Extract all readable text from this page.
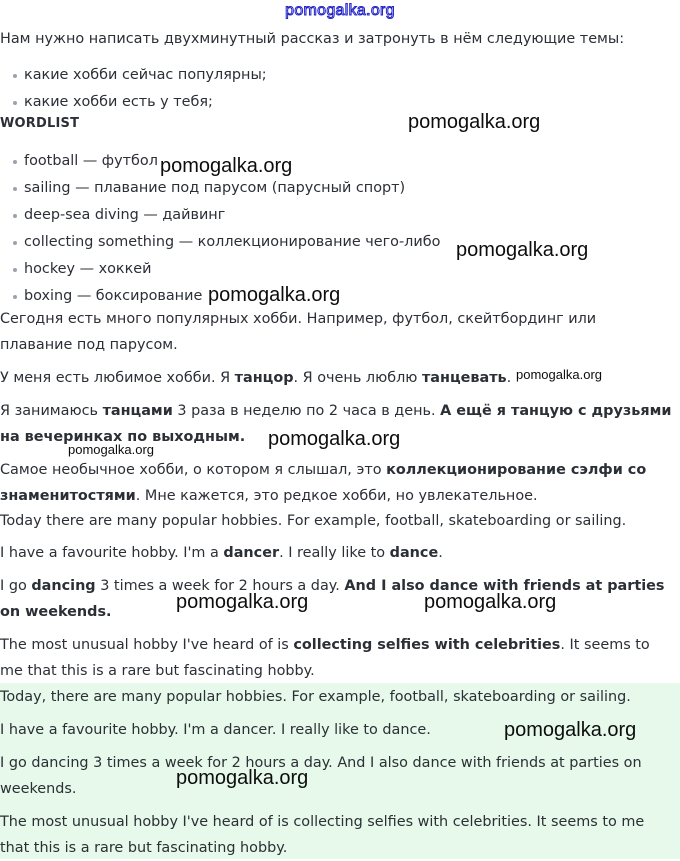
pomogalka.org
Нам нужно написать двухминутный рассказ и затронуть в нём следующие темы:
какие хобби сейчас популярны;
какие хобби есть у тебя;
WORDLIST
football — футбол
sailing — плавание под парусом (парусный спорт)
deep-sea diving — дайвинг
collecting something — коллекционирование чего-либо
hockey — хоккей
boxing — боксирование

Сегодня есть много популярных хобби. Например, футбол, скейтбординг или плавание под парусом.

У меня есть любимое хобби. Я танцор. Я очень люблю танцевать.

Я занимаюсь танцами 3 раза в неделю по 2 часа в день. А ещё я танцую с друзьями на вечеринках по выходным.

Самое необычное хобби, о котором я слышал, это коллекционирование сэлфи со знаменитостями. Мне кажется, это редкое хобби, но увлекательное.

Today there are many popular hobbies. For example, football, skateboarding or sailing.

I have a favourite hobby. I'm a dancer. I really like to dance.

I go dancing 3 times a week for 2 hours a day. And I also dance with friends at parties on weekends.

The most unusual hobby I've heard of is collecting selfies with celebrities. It seems to me that this is a rare but fascinating hobby.

Today, there are many popular hobbies. For example, football, skateboarding or sailing.

I have a favourite hobby. I'm a dancer. I really like to dance.

I go dancing 3 times a week for 2 hours a day. And I also dance with friends at parties on weekends.

The most unusual hobby I've heard of is collecting selfies with celebrities. It seems to me that this is a rare but fascinating hobby.

pomogalka.org
pomogalka.org
pomogalka.org
pomogalka.org
pomogalka.org
pomogalka.org
pomogalka.org
pomogalka.org	pomogalka.org
pomogalka.org
pomogalka.org
